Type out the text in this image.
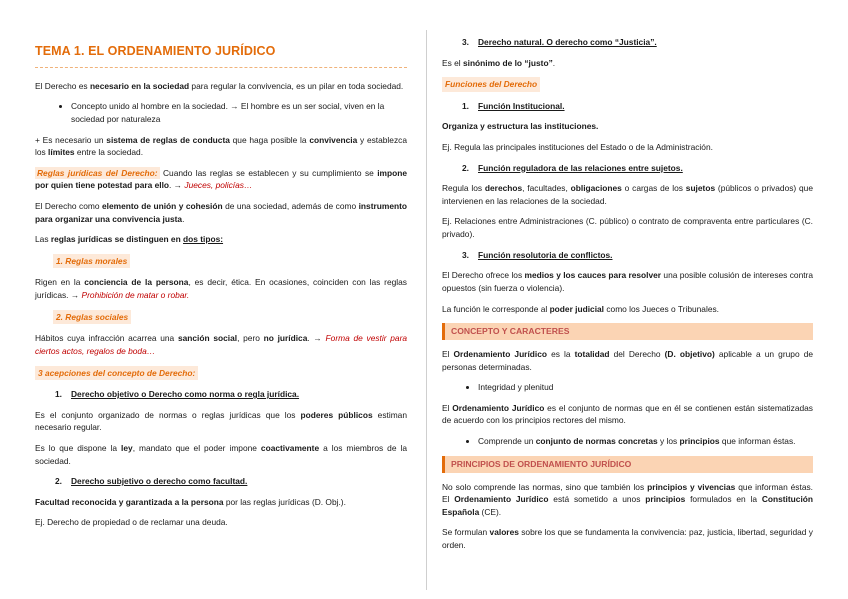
TEMA 1. EL ORDENAMIENTO JURÍDICO

El Derecho es necesario en la sociedad para regular la convivencia, es un pilar en toda sociedad.

• Concepto unido al hombre en la sociedad. → El hombre es un ser social, viven en la sociedad por naturaleza

+ Es necesario un sistema de reglas de conducta que haga posible la convivencia y establezca los límites entre la sociedad.

Reglas jurídicas del Derecho: Cuando las reglas se establecen y su cumplimiento se impone por quien tiene potestad para ello. → Jueces, policías…

El Derecho como elemento de unión y cohesión de una sociedad, además de como instrumento para organizar una convivencia justa.

Las reglas jurídicas se distinguen en dos tipos:

1. Reglas morales

Rigen en la conciencia de la persona, es decir, ética. En ocasiones, coinciden con las reglas jurídicas. → Prohibición de matar o robar.

2. Reglas sociales

Hábitos cuya infracción acarrea una sanción social, pero no jurídica. → Forma de vestir para ciertos actos, regalos de boda…

3 acepciones del concepto de Derecho:
1. Derecho objetivo o Derecho como norma o regla jurídica.

Es el conjunto organizado de normas o reglas jurídicas que los poderes públicos estiman necesario regular.

Es lo que dispone la ley, mandato que el poder impone coactivamente a los miembros de la sociedad.

2. Derecho subjetivo o derecho como facultad.

Facultad reconocida y garantizada a la persona por las reglas jurídicas (D. Obj.).

Ej. Derecho de propiedad o de reclamar una deuda.

3. Derecho natural. O derecho como “Justicia”.

Es el sinónimo de lo “justo”.

Funciones del Derecho
1. Función Institucional.

Organiza y estructura las instituciones.

Ej. Regula las principales instituciones del Estado o de la Administración.

2. Función reguladora de las relaciones entre sujetos.

Regula los derechos, facultades, obligaciones o cargas de los sujetos (públicos o privados) que intervienen en las relaciones de la sociedad.

Ej. Relaciones entre Administraciones (C. público) o contrato de compraventa entre particulares (C. privado).

3. Función resolutoria de conflictos.

El Derecho ofrece los medios y los cauces para resolver una posible colusión de intereses contra opuestos (sin fuerza o violencia).

La función le corresponde al poder judicial como los Jueces o Tribunales.

CONCEPTO Y CARACTERES

El Ordenamiento Jurídico es la totalidad del Derecho (D. objetivo) aplicable a un grupo de personas determinadas.

• Integridad y plenitud

El Ordenamiento Jurídico es el conjunto de normas que en él se contienen están sistematizadas de acuerdo con los principios rectores del mismo.

• Comprende un conjunto de normas concretas y los principios que informan éstas.
PRINCIPIOS DE ORDENAMIENTO JURÍDICO

No solo comprende las normas, sino que también los principios y vivencias que informan éstas. El Ordenamiento Jurídico está sometido a unos principios formulados en la Constitución Española (CE).

Se formulan valores sobre los que se fundamenta la convivencia: paz, justicia, libertad, seguridad y orden.
